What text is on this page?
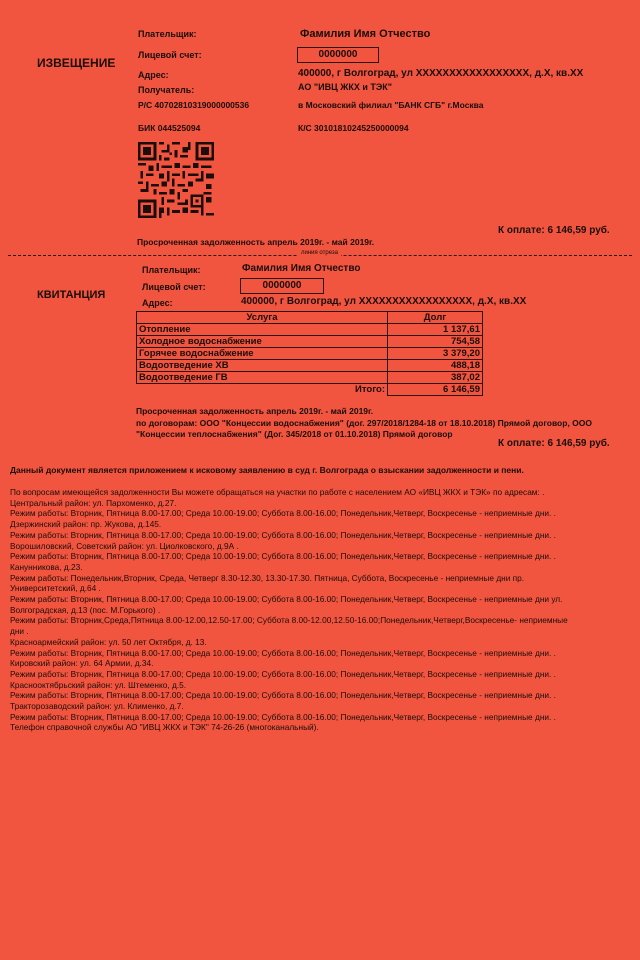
ИЗВЕЩЕНИЕ
Плательщик:	Фамилия Имя Отчество
Лицевой счет:	0000000
Адрес:	400000, г Волгоград, ул XXXXXXXXXXXXXXXXX, д.Х, кв.ХХ
Получатель:	АО "ИВЦ ЖКХ и ТЭК"
Р/С 40702810319000000536	в Московский филиал "БАНК СГБ" г.Москва
БИК 044525094	К/С 30101810245250000094
К оплате: 6 146,59 руб.
Просроченная задолженность апрель 2019г. - май 2019г.
линия отреза
КВИТАНЦИЯ
Плательщик:	Фамилия Имя Отчество
Лицевой счет:	0000000
Адрес:	400000, г Волгоград, ул XXXXXXXXXXXXXXXXX, д.Х, кв.ХХ
Услуга	Долг
Отопление	1 137,61
Холодное водоснабжение	754,58
Горячее водоснабжение	3 379,20
Водоотведение ХВ	488,18
Водоотведение ГВ	387,02
Итого:	6 146,59
Просроченная задолженность апрель 2019г. - май 2019г.
по договорам: ООО "Концессии водоснабжения" (дог. 297/2018/1284-18 от 18.10.2018) Прямой договор, ООО
"Концессии теплоснабжения" (Дог. 345/2018 от 01.10.2018) Прямой договор
К оплате: 6 146,59 руб.
Данный документ является приложением к исковому заявлению в суд г. Волгограда о взыскании задолженности и пени.
По вопросам имеющейся задолженности Вы можете обращаться на участки по работе с населением АО «ИВЦ ЖКХ и ТЭК» по адресам: .
Центральный район: ул. Пархоменко, д.27.
Режим работы: Вторник, Пятница 8.00-17.00; Среда 10.00-19.00; Суббота 8.00-16.00; Понедельник,Четверг, Воскресенье - неприемные дни. .
Дзержинский район: пр. Жукова, д.145.
Режим работы: Вторник, Пятница 8.00-17.00; Среда 10.00-19.00; Суббота 8.00-16.00; Понедельник,Четверг, Воскресенье - неприемные дни. .
Ворошиловский, Советский район: ул. Циолковского, д.9А .
Режим работы: Вторник, Пятница 8.00-17.00; Среда 10.00-19.00; Суббота 8.00-16.00; Понедельник,Четверг, Воскресенье - неприемные дни. .
Канунникова, д.23.
Режим работы: Понедельник,Вторник, Среда, Четверг 8.30-12.30, 13.30-17.30. Пятница, Суббота, Воскресенье - неприемные дни пр.
Университетский, д.64 .
Режим работы: Вторник, Пятница 8.00-17.00; Среда 10.00-19.00; Суббота 8.00-16.00; Понедельник,Четверг, Воскресенье - неприемные дни ул.
Волгоградская, д.13 (пос. М.Горького) .
Режим работы: Вторник,Среда,Пятница 8.00-12.00,12.50-17.00; Суббота 8.00-12.00,12.50-16.00;Понедельник,Четверг,Воскресенье- неприемные
дни .
Красноармейский район: ул. 50 лет Октября, д. 13.
Режим работы: Вторник, Пятница 8.00-17.00; Среда 10.00-19.00; Суббота 8.00-16.00; Понедельник,Четверг, Воскресенье - неприемные дни. .
Кировский район: ул. 64 Армии, д.34.
Режим работы: Вторник, Пятница 8.00-17.00; Среда 10.00-19.00; Суббота 8.00-16.00; Понедельник,Четверг, Воскресенье - неприемные дни. .
Краснооктябрьский район: ул. Штеменко, д.5.
Режим работы: Вторник, Пятница 8.00-17.00; Среда 10.00-19.00; Суббота 8.00-16.00; Понедельник,Четверг, Воскресенье - неприемные дни. .
Тракторозаводский район: ул. Клименко, д.7.
Режим работы: Вторник, Пятница 8.00-17.00; Среда 10.00-19.00; Суббота 8.00-16.00; Понедельник,Четверг, Воскресенье - неприемные дни. .
Телефон справочной службы АО "ИВЦ ЖКХ и ТЭК" 74-26-26 (многоканальный).
